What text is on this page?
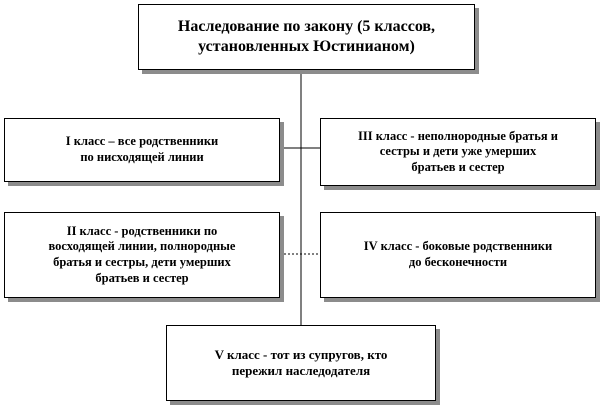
Наследование по закону (5 классов,
установленных Юстинианом)
I класс – все родственники
по нисходящей линии
III класс - неполнородные братья и
сестры и дети уже умерших
братьев и сестер
II класс - родственники по
восходящей линии, полнородные
братья и сестры, дети умерших
братьев и сестер
IV класс - боковые родственники
до бесконечности
V класс - тот из супругов, кто
пережил наследодателя
